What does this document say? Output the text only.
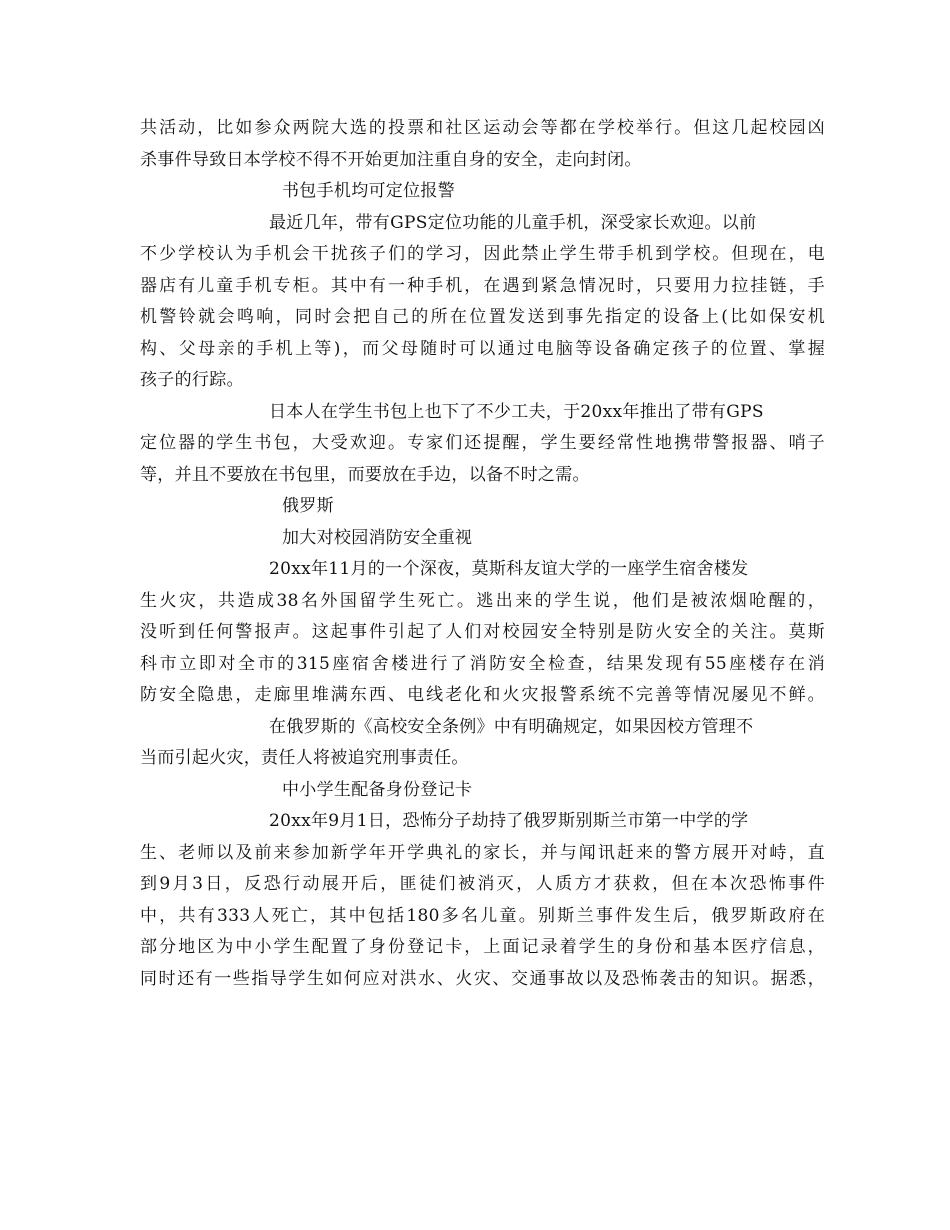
共活动，比如参众两院大选的投票和社区运动会等都在学校举行。但这几起校园凶
杀事件导致日本学校不得不开始更加注重自身的安全，走向封闭。
书包手机均可定位报警
最近几年，带有GPS定位功能的儿童手机，深受家长欢迎。以前
不少学校认为手机会干扰孩子们的学习，因此禁止学生带手机到学校。但现在，电
器店有儿童手机专柜。其中有一种手机，在遇到紧急情况时，只要用力拉挂链，手
机警铃就会鸣响，同时会把自己的所在位置发送到事先指定的设备上(比如保安机
构、父母亲的手机上等)，而父母随时可以通过电脑等设备确定孩子的位置、掌握
孩子的行踪。
日本人在学生书包上也下了不少工夫，于20xx年推出了带有GPS
定位器的学生书包，大受欢迎。专家们还提醒，学生要经常性地携带警报器、哨子
等，并且不要放在书包里，而要放在手边，以备不时之需。
俄罗斯
加大对校园消防安全重视
20xx年11月的一个深夜，莫斯科友谊大学的一座学生宿舍楼发
生火灾，共造成38名外国留学生死亡。逃出来的学生说，他们是被浓烟呛醒的，
没听到任何警报声。这起事件引起了人们对校园安全特别是防火安全的关注。莫斯
科市立即对全市的315座宿舍楼进行了消防安全检查，结果发现有55座楼存在消
防安全隐患，走廊里堆满东西、电线老化和火灾报警系统不完善等情况屡见不鲜。
在俄罗斯的《高校安全条例》中有明确规定，如果因校方管理不
当而引起火灾，责任人将被追究刑事责任。
中小学生配备身份登记卡
20xx年9月1日，恐怖分子劫持了俄罗斯别斯兰市第一中学的学
生、老师以及前来参加新学年开学典礼的家长，并与闻讯赶来的警方展开对峙，直
到9月3日，反恐行动展开后，匪徒们被消灭，人质方才获救，但在本次恐怖事件
中，共有333人死亡，其中包括180多名儿童。别斯兰事件发生后，俄罗斯政府在
部分地区为中小学生配置了身份登记卡，上面记录着学生的身份和基本医疗信息，
同时还有一些指导学生如何应对洪水、火灾、交通事故以及恐怖袭击的知识。据悉，
